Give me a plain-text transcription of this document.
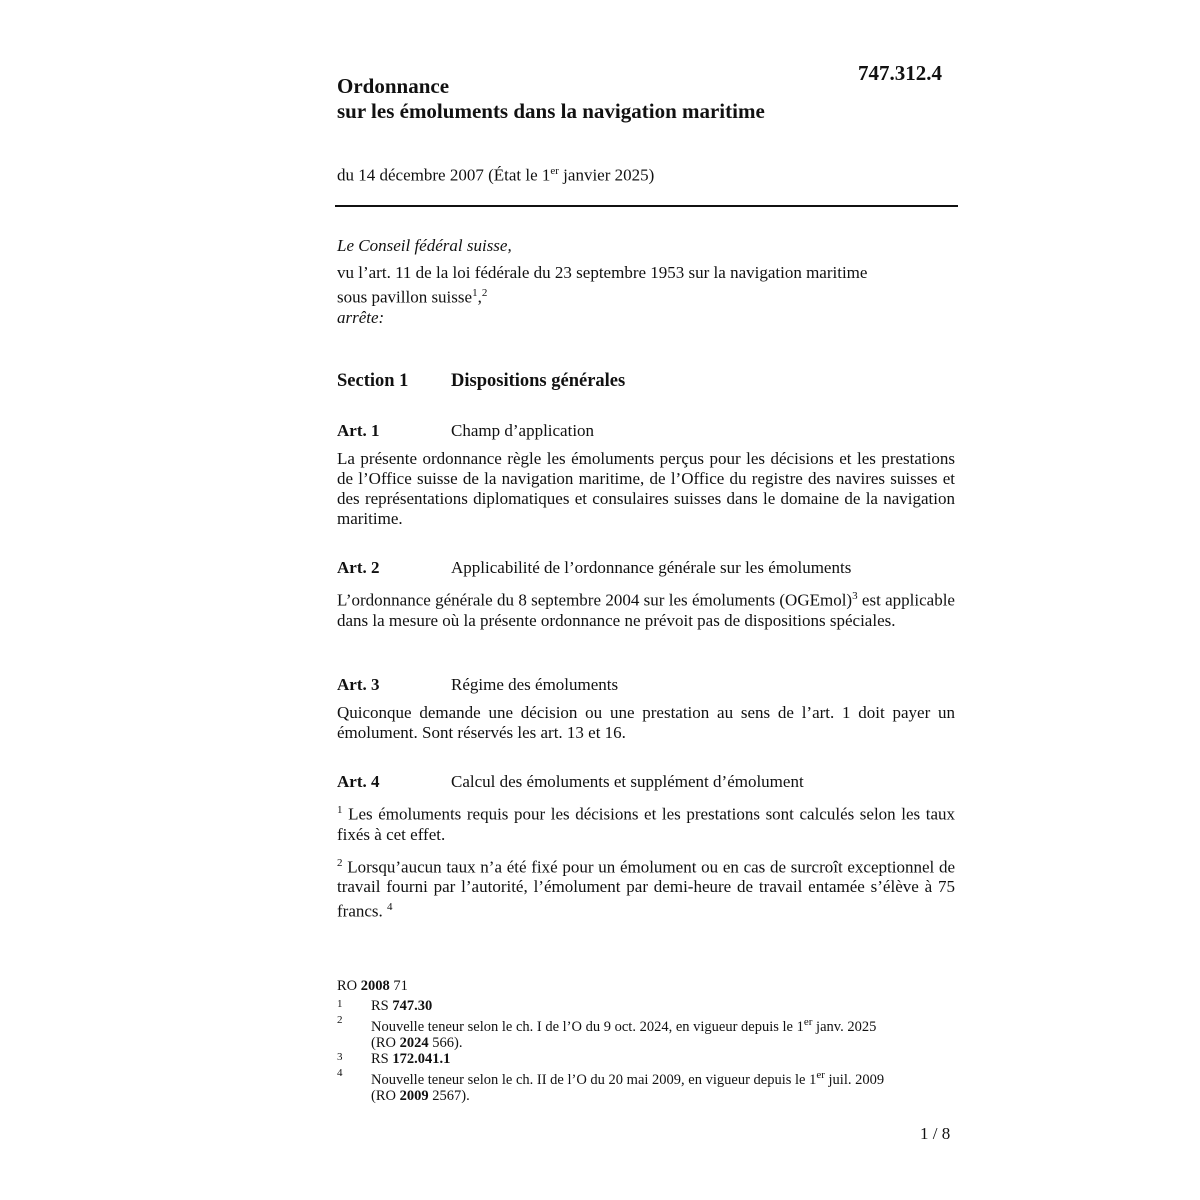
747.312.4

Ordonnance
sur les émoluments dans la navigation maritime

du 14 décembre 2007 (État le 1er janvier 2025)

Le Conseil fédéral suisse,

vu l’art. 11 de la loi fédérale du 23 septembre 1953 sur la navigation maritime
sous pavillon suisse$^1$,$^2$

arrête:

Section 1 Dispositions générales

Art. 1	Champ d’application

La présente ordonnance règle les émoluments perçus pour les décisions et les prestations de l’Office suisse de la navigation maritime, de l’Office du registre des navires suisses et des représentations diplomatiques et consulaires suisses dans le domaine de la navigation maritime.

Art. 2	Applicabilité de l’ordonnance générale sur les émoluments

L’ordonnance générale du 8 septembre 2004 sur les émoluments (OGEmol)$^3$ est applicable dans la mesure où la présente ordonnance ne prévoit pas de dispositions spéciales.

Art. 3	Régime des émoluments

Quiconque demande une décision ou une prestation au sens de l’art. 1 doit payer un émolument. Sont réservés les art. 13 et 16.

Art. 4	Calcul des émoluments et supplément d’émolument

$^1$ Les émoluments requis pour les décisions et les prestations sont calculés selon les taux fixés à cet effet.

$^2$ Lorsqu’aucun taux n’a été fixé pour un émolument ou en cas de surcroît exceptionnel de travail fourni par l’autorité, l’émolument par demi-heure de travail entamée s’élève à 75 francs. $^4$

RO 2008 71

1	RS 747.30
2	Nouvelle teneur selon le ch. I de l’O du 9 oct. 2024, en vigueur depuis le 1er janv. 2025
(RO 2024 566).
3	RS 172.041.1
4	Nouvelle teneur selon le ch. II de l’O du 20 mai 2009, en vigueur depuis le 1er juil. 2009
(RO 2009 2567).

1 / 8
